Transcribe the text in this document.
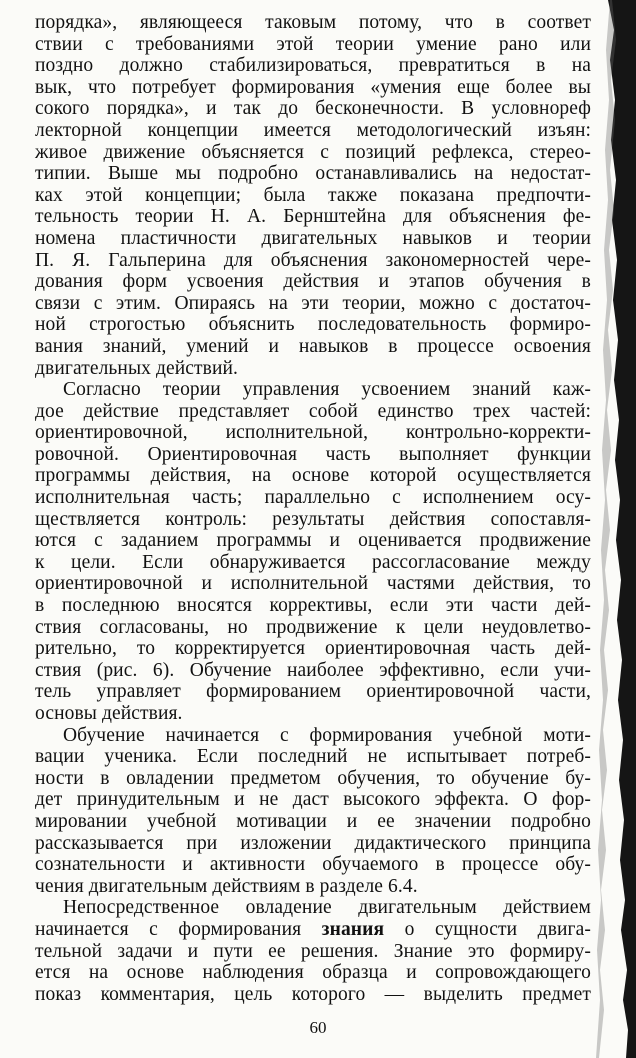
порядка», являющееся таковым потому, что в соответ
ствии с требованиями этой теории умение рано или
поздно должно стабилизироваться, превратиться в на
вык, что потребует формирования «умения еще более вы
сокого порядка», и так до бесконечности. В условнореф
лекторной концепции имеется методологический изъян:
живое движение объясняется с позиций рефлекса, стерео-
типии. Выше мы подробно останавливались на недостат-
ках этой концепции; была также показана предпочти-
тельность теории Н. А. Бернштейна для объяснения фе-
номена пластичности двигательных навыков и теории
П. Я. Гальперина для объяснения закономерностей чере-
дования форм усвоения действия и этапов обучения в
связи с этим. Опираясь на эти теории, можно с достаточ-
ной строгостью объяснить последовательность формиро-
вания знаний, умений и навыков в процессе освоения
двигательных действий.
Согласно теории управления усвоением знаний каж-
дое действие представляет собой единство трех частей:
ориентировочной, исполнительной, контрольно-корректи-
ровочной. Ориентировочная часть выполняет функции
программы действия, на основе которой осуществляется
исполнительная часть; параллельно с исполнением осу-
ществляется контроль: результаты действия сопоставля-
ются с заданием программы и оценивается продвижение
к цели. Если обнаруживается рассогласование между
ориентировочной и исполнительной частями действия, то
в последнюю вносятся коррективы, если эти части дей-
ствия согласованы, но продвижение к цели неудовлетво-
рительно, то корректируется ориентировочная часть дей-
ствия (рис. 6). Обучение наиболее эффективно, если учи-
тель управляет формированием ориентировочной части,
основы действия.
Обучение начинается с формирования учебной моти-
вации ученика. Если последний не испытывает потреб-
ности в овладении предметом обучения, то обучение бу-
дет принудительным и не даст высокого эффекта. О фор-
мировании учебной мотивации и ее значении подробно
рассказывается при изложении дидактического принципа
сознательности и активности обучаемого в процессе обу-
чения двигательным действиям в разделе 6.4.
Непосредственное овладение двигательным действием
начинается с формирования знания о сущности двига-
тельной задачи и пути ее решения. Знание это формиру-
ется на основе наблюдения образца и сопровождающего
показ комментария, цель которого — выделить предмет
60
